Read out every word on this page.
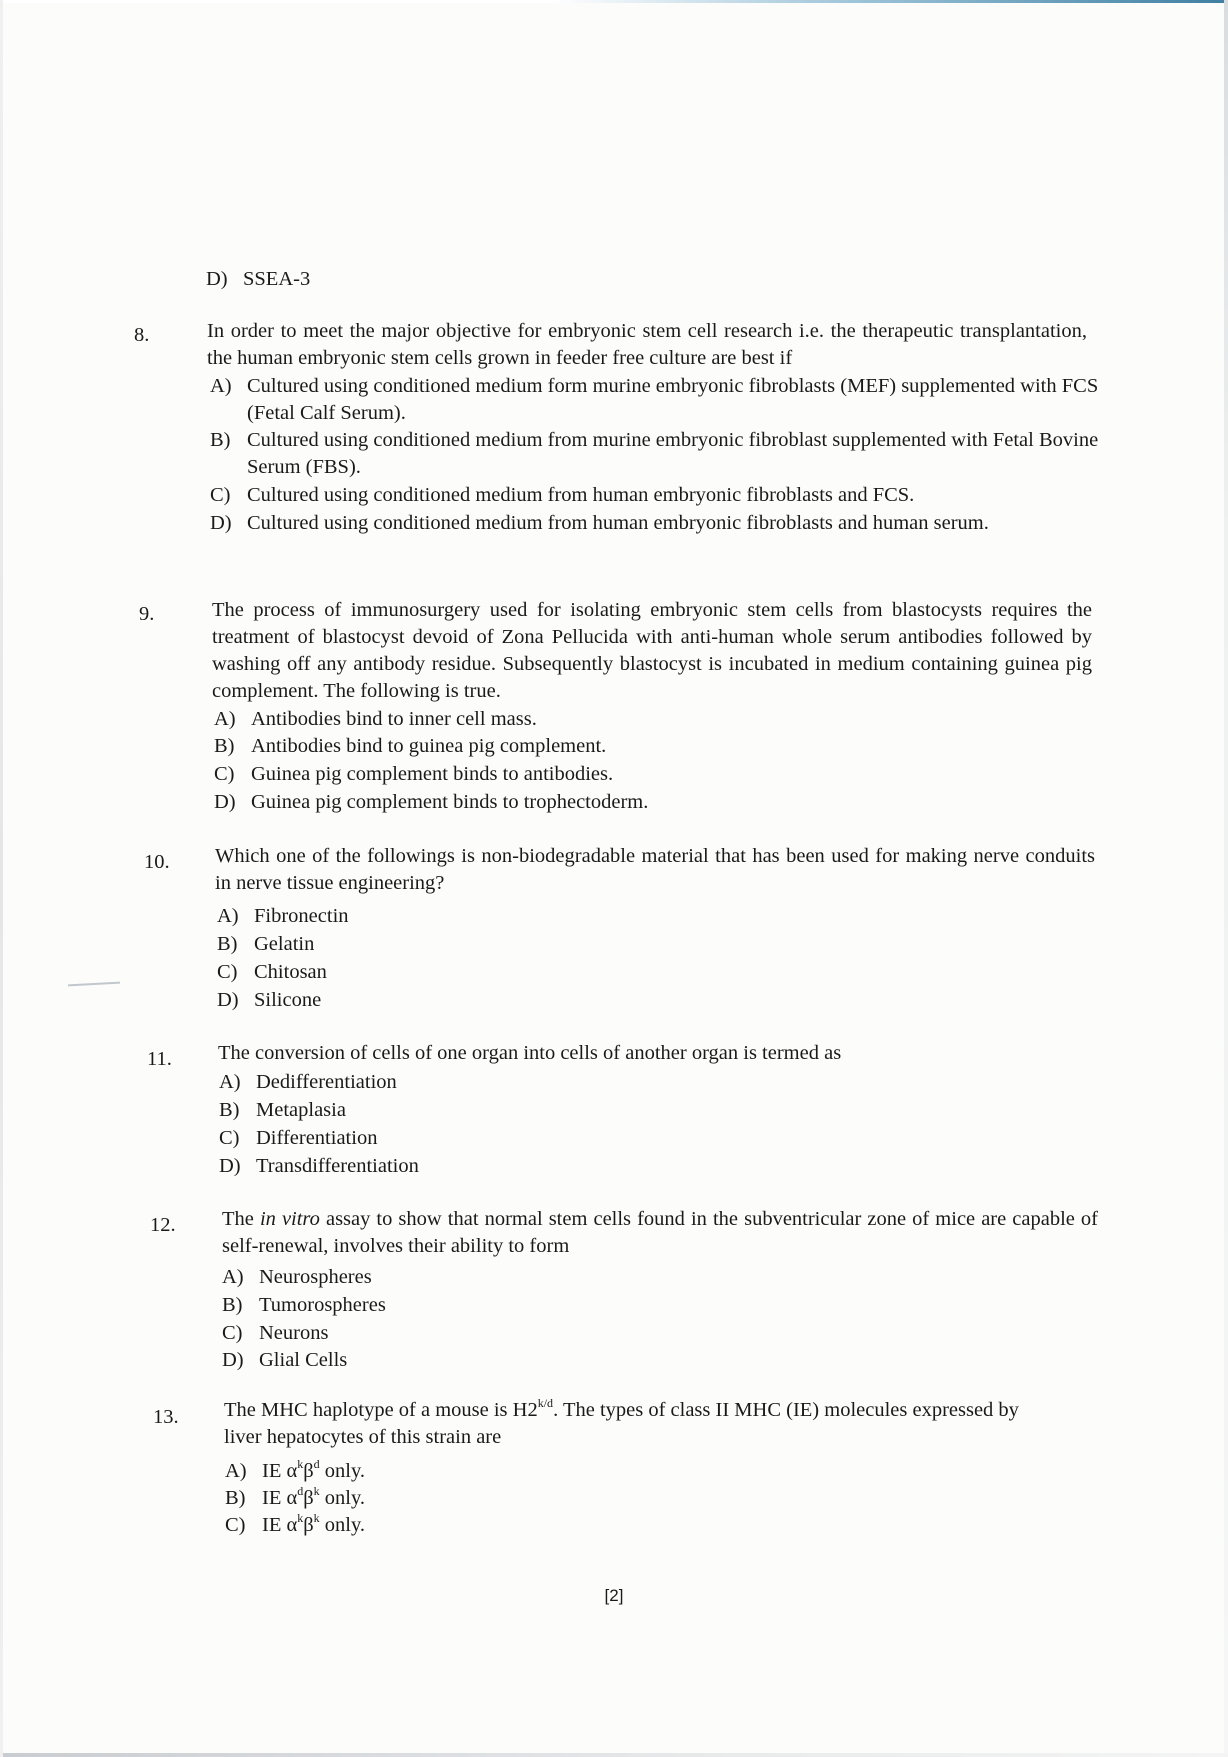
D) SSEA-3
8.	In order to meet the major objective for embryonic stem cell research i.e. the therapeutic transplantation, the human embryonic stem cells grown in feeder free culture are best if
A) Cultured using conditioned medium form murine embryonic fibroblasts (MEF) supplemented with FCS (Fetal Calf Serum).
B) Cultured using conditioned medium from murine embryonic fibroblast supplemented with Fetal Bovine Serum (FBS).
C) Cultured using conditioned medium from human embryonic fibroblasts and FCS.
D) Cultured using conditioned medium from human embryonic fibroblasts and human serum.
9.	The process of immunosurgery used for isolating embryonic stem cells from blastocysts requires the treatment of blastocyst devoid of Zona Pellucida with anti-human whole serum antibodies followed by washing off any antibody residue. Subsequently blastocyst is incubated in medium containing guinea pig complement. The following is true.
A) Antibodies bind to inner cell mass.
B) Antibodies bind to guinea pig complement.
C) Guinea pig complement binds to antibodies.
D) Guinea pig complement binds to trophectoderm.
10. Which one of the followings is non-biodegradable material that has been used for making nerve conduits in nerve tissue engineering?
A) Fibronectin
B) Gelatin
C) Chitosan
D) Silicone
11. The conversion of cells of one organ into cells of another organ is termed as
A) Dedifferentiation
B) Metaplasia
C) Differentiation
D) Transdifferentiation
12. The in vitro assay to show that normal stem cells found in the subventricular zone of mice are capable of self-renewal, involves their ability to form
A) Neurospheres
B) Tumorospheres
C) Neurons
D) Glial Cells
13. The MHC haplotype of a mouse is $H2^{k/d}$. The types of class II MHC (IE) molecules expressed by liver hepatocytes of this strain are
A) IE $\alpha^k\beta^d$ only.
B) IE $\alpha^d\beta^k$ only.
C) IE $\alpha^k\beta^k$ only.
[2]
